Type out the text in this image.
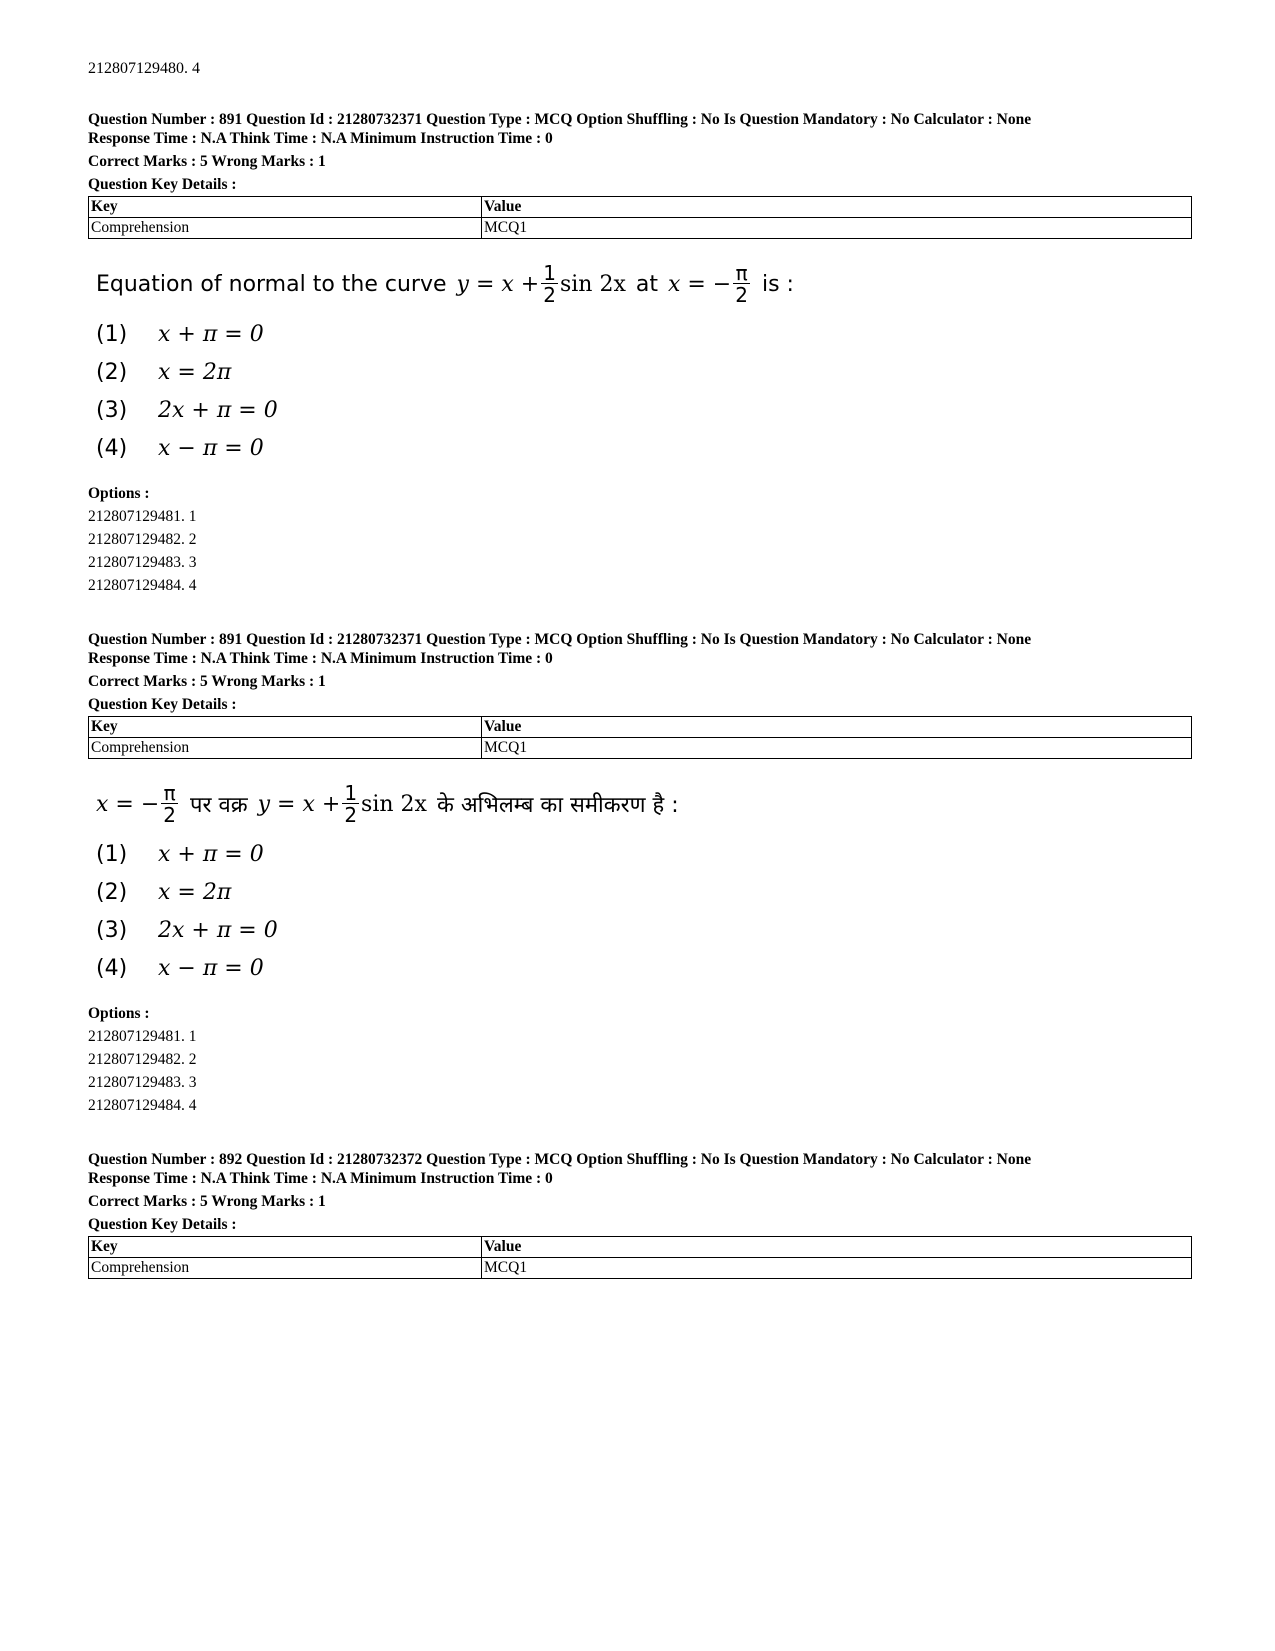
212807129480. 4
Question Number : 891 Question Id : 21280732371 Question Type : MCQ Option Shuffling : No Is Question Mandatory : No Calculator : None
Response Time : N.A Think Time : N.A Minimum Instruction Time : 0
Correct Marks : 5 Wrong Marks : 1
Question Key Details :
Key	Value
Comprehension	MCQ1
Equation of normal to the curve $y = x + \frac{1}{2}$ sin 2x at x = − $\frac{\pi}{2}$ is :
(1)	x + π = 0
(2)	x = 2π
(3)	2x + π = 0
(4)	x − π = 0
Options :
212807129481. 1
212807129482. 2
212807129483. 3
212807129484. 4
Question Number : 891 Question Id : 21280732371 Question Type : MCQ Option Shuffling : No Is Question Mandatory : No Calculator : None
Response Time : N.A Think Time : N.A Minimum Instruction Time : 0
Correct Marks : 5 Wrong Marks : 1
Question Key Details :
Key	Value
Comprehension	MCQ1
x = − $\frac{\pi}{2}$ पर वक्र $y = x + \frac{1}{2}$ sin 2x के अभिलम्ब का समीकरण है :
(1)	x + π = 0
(2)	x = 2π
(3)	2x + π = 0
(4)	x − π = 0
Options :
212807129481. 1
212807129482. 2
212807129483. 3
212807129484. 4
Question Number : 892 Question Id : 21280732372 Question Type : MCQ Option Shuffling : No Is Question Mandatory : No Calculator : None
Response Time : N.A Think Time : N.A Minimum Instruction Time : 0
Correct Marks : 5 Wrong Marks : 1
Question Key Details :
Key	Value
Comprehension	MCQ1
